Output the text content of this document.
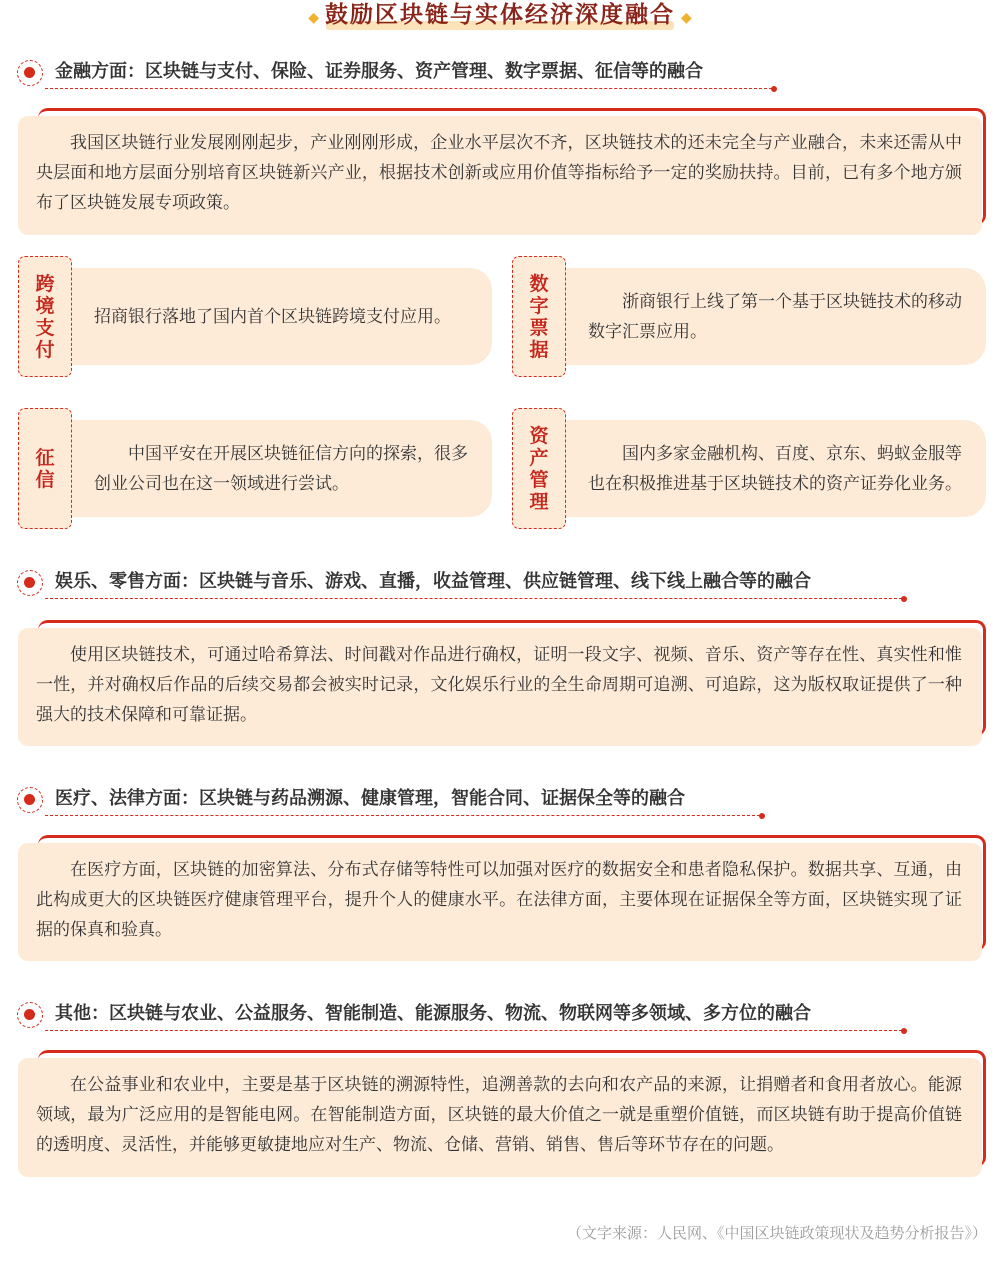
◆ 鼓励区块链与实体经济深度融合 ◆
金融方面：区块链与支付、保险、证券服务、资产管理、数字票据、征信等的融合
我国区块链行业发展刚刚起步，产业刚刚形成，企业水平层次不齐，区块链技术的还未完全与产业融合，未来还需从中央层面和地方层面分别培育区块链新兴产业，根据技术创新或应用价值等指标给予一定的奖励扶持。目前，已有多个地方颁布了区块链发展专项政策。
跨境支付

招商银行落地了国内首个区块链跨境支付应用。

数字票据

浙商银行上线了第一个基于区块链技术的移动数字汇票应用。

征信

中国平安在开展区块链征信方向的探索，很多创业公司也在这一领域进行尝试。

资产管理

国内多家金融机构、百度、京东、蚂蚁金服等也在积极推进基于区块链技术的资产证券化业务。

娱乐、零售方面：区块链与音乐、游戏、直播，收益管理、供应链管理、线下线上融合等的融合
使用区块链技术，可通过哈希算法、时间戳对作品进行确权，证明一段文字、视频、音乐、资产等存在性、真实性和惟一性，并对确权后作品的后续交易都会被实时记录，文化娱乐行业的全生命周期可追溯、可追踪，这为版权取证提供了一种强大的技术保障和可靠证据。
医疗、法律方面：区块链与药品溯源、健康管理，智能合同、证据保全等的融合
在医疗方面，区块链的加密算法、分布式存储等特性可以加强对医疗的数据安全和患者隐私保护。数据共享、互通，由此构成更大的区块链医疗健康管理平台，提升个人的健康水平。在法律方面，主要体现在证据保全等方面，区块链实现了证据的保真和验真。
其他：区块链与农业、公益服务、智能制造、能源服务、物流、物联网等多领域、多方位的融合
在公益事业和农业中，主要是基于区块链的溯源特性，追溯善款的去向和农产品的来源，让捐赠者和食用者放心。能源领域，最为广泛应用的是智能电网。在智能制造方面，区块链的最大价值之一就是重塑价值链，而区块链有助于提高价值链的透明度、灵活性，并能够更敏捷地应对生产、物流、仓储、营销、销售、售后等环节存在的问题。
（文字来源：人民网、《中国区块链政策现状及趋势分析报告》）
